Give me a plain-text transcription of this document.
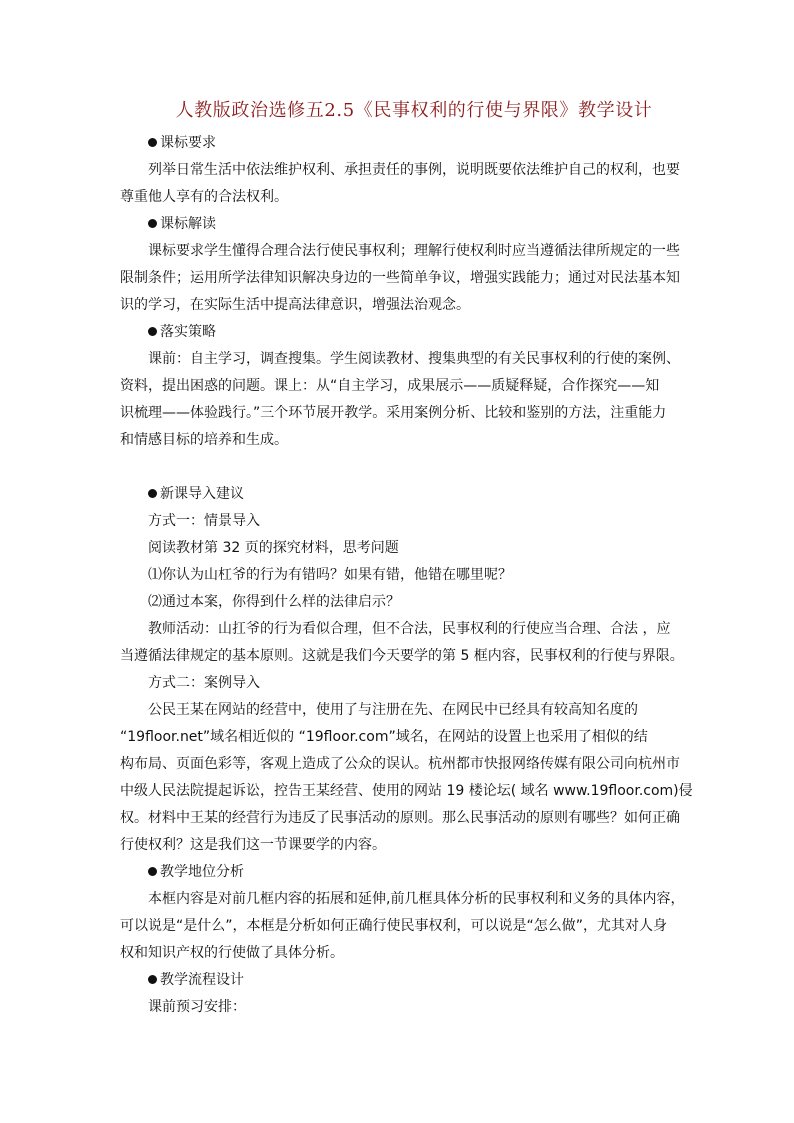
人教版政治选修五2.5《民事权利的行使与界限》教学设计
课标要求
列举日常生活中依法维护权利、承担责任的事例，说明既要依法维护自己的权利，也要
尊重他人享有的合法权利。
课标解读
课标要求学生懂得合理合法行使民事权利；理解行使权利时应当遵循法律所规定的一些
限制条件；运用所学法律知识解决身边的一些简单争议，增强实践能力；通过对民法基本知
识的学习，在实际生活中提高法律意识，增强法治观念。
落实策略
课前：自主学习，调查搜集。学生阅读教材、搜集典型的有关民事权利的行使的案例、
资料，提出困惑的问题。课上：从“自主学习，成果展示——质疑释疑，合作探究——知
识梳理——体验践行。”三个环节展开教学。采用案例分析、比较和鉴别的方法，注重能力
和情感目标的培养和生成。
新课导入建议
方式一：情景导入
阅读教材第 32 页的探究材料，思考问题
⑴你认为山杠爷的行为有错吗？如果有错，他错在哪里呢？
⑵通过本案，你得到什么样的法律启示？
教师活动：山扛爷的行为看似合理，但不合法，民事权利的行使应当合理、合法 ，应
当遵循法律规定的基本原则。这就是我们今天要学的第 5 框内容，民事权利的行使与界限。
方式二：案例导入
公民王某在网站的经营中，使用了与注册在先、在网民中已经具有较高知名度的
“19floor.net”域名相近似的 “19floor.com”域名，在网站的设置上也采用了相似的结
构布局、页面色彩等，客观上造成了公众的误认。杭州都市快报网络传媒有限公司向杭州市
中级人民法院提起诉讼，控告王某经营、使用的网站 19 楼论坛( 域名 www.19floor.com)侵
权。材料中王某的经营行为违反了民事活动的原则。那么民事活动的原则有哪些？如何正确
行使权利？这是我们这一节课要学的内容。
教学地位分析
本框内容是对前几框内容的拓展和延伸,前几框具体分析的民事权利和义务的具体内容，
可以说是“是什么”，本框是分析如何正确行使民事权利，可以说是“怎么做”，尤其对人身
权和知识产权的行使做了具体分析。
教学流程设计
课前预习安排：
